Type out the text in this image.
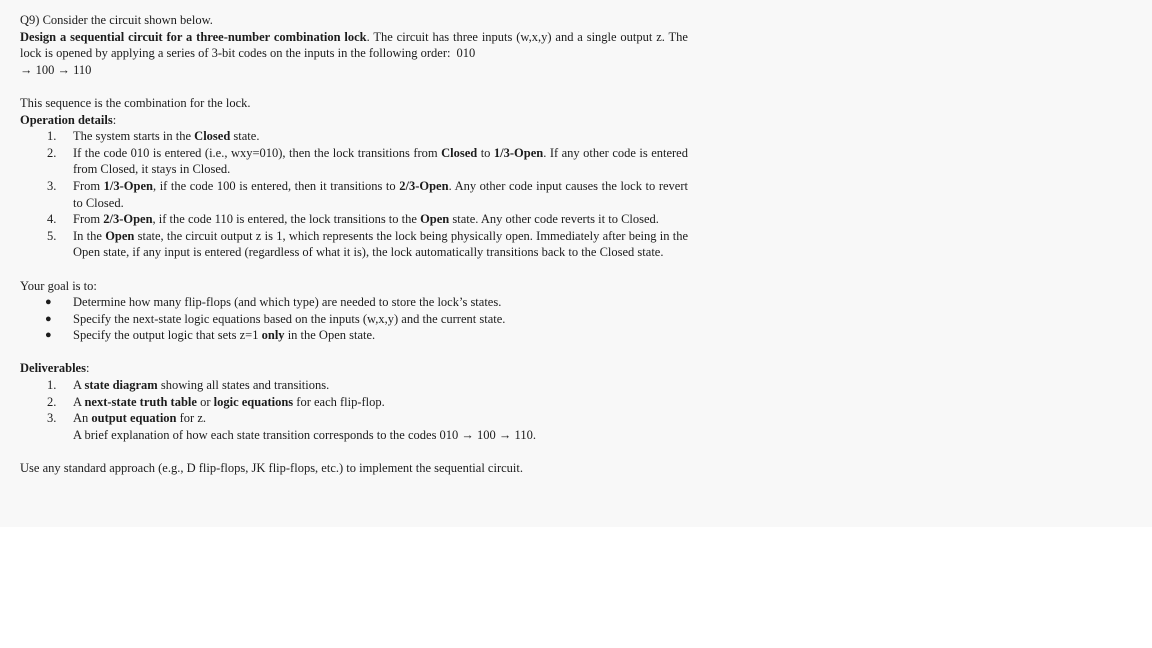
Q9) Consider the circuit shown below.

Design a sequential circuit for a three-number combination lock. The circuit has three inputs (w,x,y) and a single output z. The lock is opened by applying a series of 3-bit codes on the inputs in the following order: 010
→ 100 → 110

This sequence is the combination for the lock.

Operation details:

1. The system starts in the Closed state.
2. If the code 010 is entered (i.e., wxy=010), then the lock transitions from Closed to 1/3-Open. If any other code is entered from Closed, it stays in Closed.
3. From 1/3-Open, if the code 100 is entered, then it transitions to 2/3-Open. Any other code input causes the lock to revert to Closed.
4. From 2/3-Open, if the code 110 is entered, the lock transitions to the Open state. Any other code reverts it to Closed.
5. In the Open state, the circuit output z is 1, which represents the lock being physically open. Immediately after being in the Open state, if any input is entered (regardless of what it is), the lock automatically transitions back to the Closed state.

Your goal is to:

● Determine how many flip-flops (and which type) are needed to store the lock’s states.
● Specify the next-state logic equations based on the inputs (w,x,y) and the current state.
● Specify the output logic that sets z=1 only in the Open state.

Deliverables:

1. A state diagram showing all states and transitions.
2. A next-state truth table or logic equations for each flip-flop.
3. An output equation for z.

A brief explanation of how each state transition corresponds to the codes 010 → 100 → 110.

Use any standard approach (e.g., D flip-flops, JK flip-flops, etc.) to implement the sequential circuit.
